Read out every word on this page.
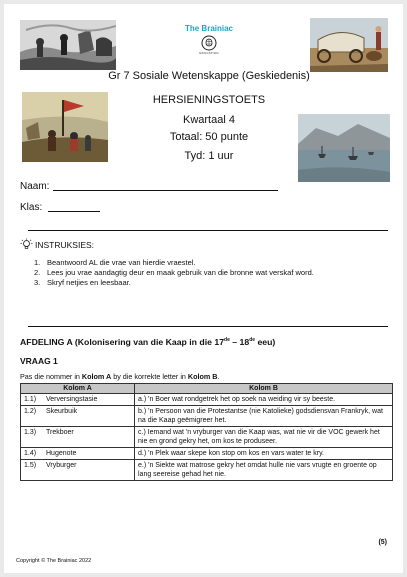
The Brainiac
EDUCATION
Gr 7 Sosiale Wetenskappe (Geskiedenis)
HERSIENINGSTOETS
Kwartaal 4
Totaal: 50 punte
Tyd: 1 uur
Naam:
Klas:
INSTRUKSIES:
1. Beantwoord AL die vrae van hierdie vraestel.
2. Lees jou vrae aandagtig deur en maak gebruik van die bronne wat verskaf word.
3. Skryf netjies en leesbaar.
AFDELING A (Kolonisering van die Kaap in die 17de – 18de eeu)
VRAAG 1
Pas die nommer in Kolom A by die korrekte letter in Kolom B.
Kolom A	Kolom B
1.1) Verversingstasie	a.) 'n Boer wat rondgetrek het op soek na weiding vir sy beeste.
1.2) Skeurbuik	b.) 'n Persoon van die Protestantse (nie Katolieke) godsdiensvan Frankryk, wat na die Kaap geëmigreer het.
1.3) Trekboer	c.) Iemand wat 'n vryburger van die Kaap was, wat nie vir die VOC gewerk het nie en grond gekry het, om kos te produseer.
1.4) Hugenote	d.) 'n Plek waar skepe kon stop om kos en vars water te kry.
1.5) Vryburger	e.) 'n Siekte wat matrose gekry het omdat hulle nie vars vrugte en groente op lang seereise gehad het nie.
(5)
Copyright © The Brainiac 2022
